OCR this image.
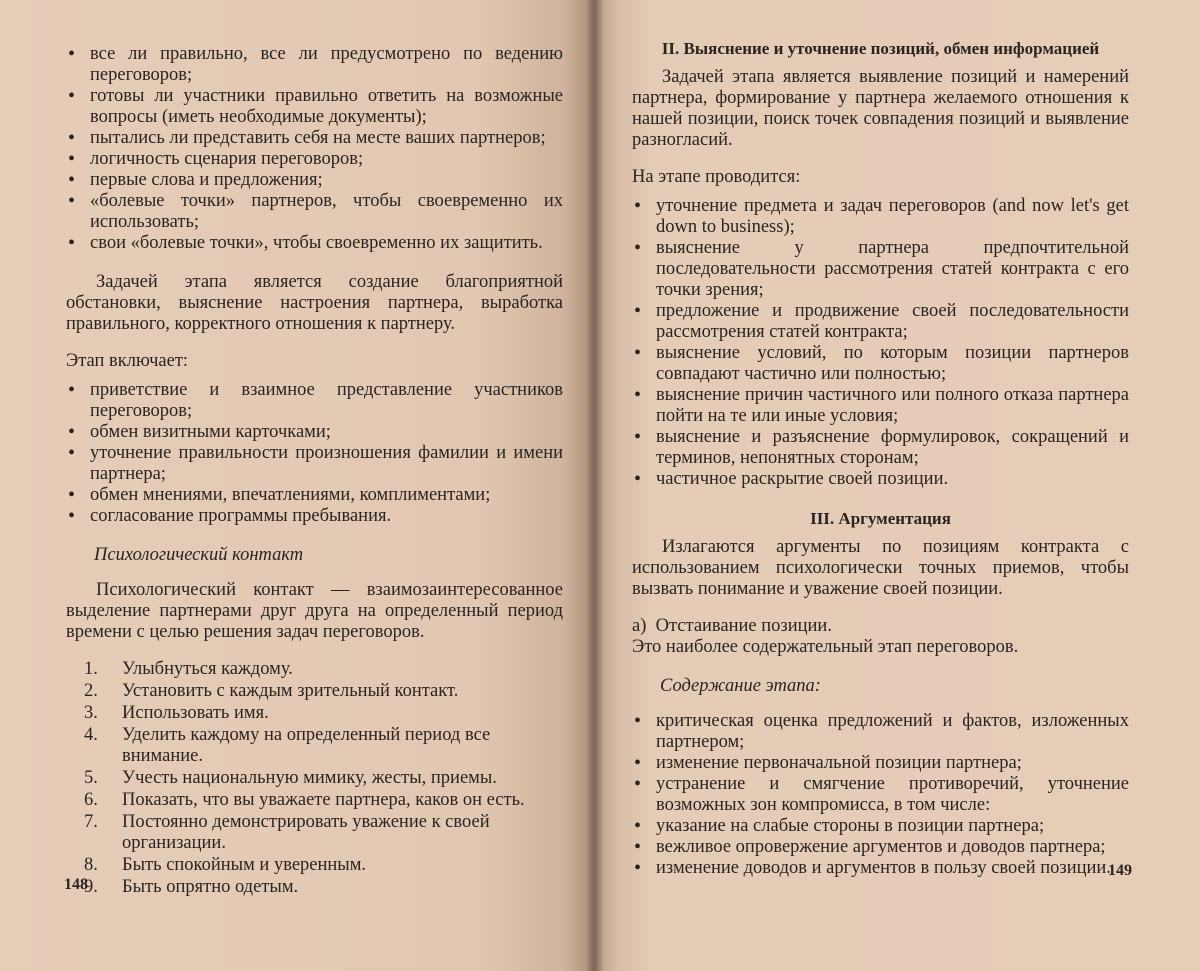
• все ли правильно, все ли предусмотрено по ведению переговоров;
• готовы ли участники правильно ответить на возможные вопросы (иметь необходимые документы);
• пытались ли представить себя на месте ваших партнеров;
• логичность сценария переговоров;
• первые слова и предложения;
• «болевые точки» партнеров, чтобы своевременно их использовать;
• свои «болевые точки», чтобы своевременно их защитить.

Задачей этапа является создание благоприятной обстановки, выяснение настроения партнера, выработка правильного, корректного отношения к партнеру.

Этап включает:

• приветствие и взаимное представление участников переговоров;
• обмен визитными карточками;
• уточнение правильности произношения фамилии и имени партнера;
• обмен мнениями, впечатлениями, комплиментами;
• согласование программы пребывания.

Психологический контакт

Психологический контакт — взаимозаинтересованное выделение партнерами друг друга на определенный период времени с целью решения задач переговоров.

1. Улыбнуться каждому.
2. Установить с каждым зрительный контакт.
3. Использовать имя.
4. Уделить каждому на определенный период все внимание.
5. Учесть национальную мимику, жесты, приемы.
6. Показать, что вы уважаете партнера, каков он есть.
7. Постоянно демонстрировать уважение к своей организации.
8. Быть спокойным и уверенным.
9. Быть опрятно одетым.
148

II. Выяснение и уточнение позиций, обмен информацией

Задачей этапа является выявление позиций и намерений партнера, формирование у партнера желаемого отношения к нашей позиции, поиск точек совпадения позиций и выявление разногласий.

На этапе проводится:

• уточнение предмета и задач переговоров (and now let's get down to business);
• выяснение у партнера предпочтительной последовательности рассмотрения статей контракта с его точки зрения;
• предложение и продвижение своей последовательности рассмотрения статей контракта;
• выяснение условий, по которым позиции партнеров совпадают частично или полностью;
• выяснение причин частичного или полного отказа партнера пойти на те или иные условия;
• выяснение и разъяснение формулировок, сокращений и терминов, непонятных сторонам;
• частичное раскрытие своей позиции.

III. Аргументация

Излагаются аргументы по позициям контракта с использованием психологически точных приемов, чтобы вызвать понимание и уважение своей позиции.

а)  Отстаивание позиции.

Это наиболее содержательный этап переговоров.

Содержание этапа:

• критическая оценка предложений и фактов, изложенных партнером;
• изменение первоначальной позиции партнера;
• устранение и смягчение противоречий, уточнение возможных зон компромисса, в том числе:
• указание на слабые стороны в позиции партнера;
• вежливое опровержение аргументов и доводов партнера;
• изменение доводов и аргументов в пользу своей позиции.
149
